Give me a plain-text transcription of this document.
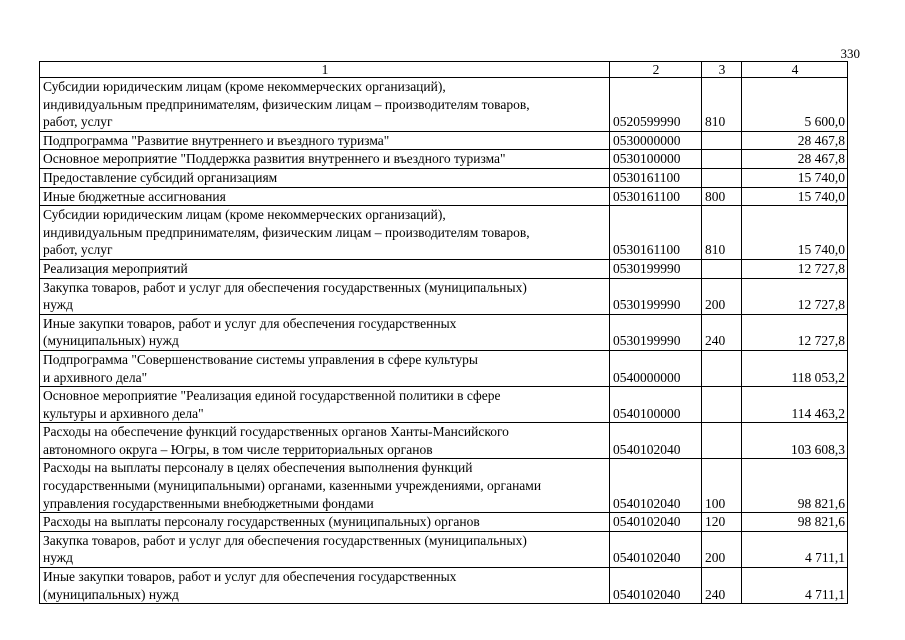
330
1	2	3	4

Субсидии юридическим лицам (кроме некоммерческих организаций),
индивидуальным предпринимателям, физическим лицам – производителям товаров,
работ, услуг	0520599990	810	5 600,0

Подпрограмма "Развитие внутреннего и въездного туризма"	0530000000		28 467,8

Основное мероприятие "Поддержка развития внутреннего и въездного туризма"	0530100000		28 467,8

Предоставление субсидий организациям	0530161100		15 740,0

Иные бюджетные ассигнования	0530161100	800	15 740,0

Субсидии юридическим лицам (кроме некоммерческих организаций),
индивидуальным предпринимателям, физическим лицам – производителям товаров,
работ, услуг	0530161100	810	15 740,0

Реализация мероприятий	0530199990		12 727,8

Закупка товаров, работ и услуг для обеспечения государственных (муниципальных)
нужд	0530199990	200	12 727,8

Иные закупки товаров, работ и услуг для обеспечения государственных
(муниципальных) нужд	0530199990	240	12 727,8

Подпрограмма "Совершенствование системы управления в сфере культуры
и архивного дела"	0540000000		118 053,2

Основное мероприятие "Реализация единой государственной политики в сфере
культуры и архивного дела"	0540100000		114 463,2

Расходы на обеспечение функций государственных органов Ханты-Мансийского
автономного округа – Югры, в том числе территориальных органов	0540102040		103 608,3

Расходы на выплаты персоналу в целях обеспечения выполнения функций
государственными (муниципальными) органами, казенными учреждениями, органами
управления государственными внебюджетными фондами	0540102040	100	98 821,6

Расходы на выплаты персоналу государственных (муниципальных) органов	0540102040	120	98 821,6

Закупка товаров, работ и услуг для обеспечения государственных (муниципальных)
нужд	0540102040	200	4 711,1

Иные закупки товаров, работ и услуг для обеспечения государственных
(муниципальных) нужд	0540102040	240	4 711,1
